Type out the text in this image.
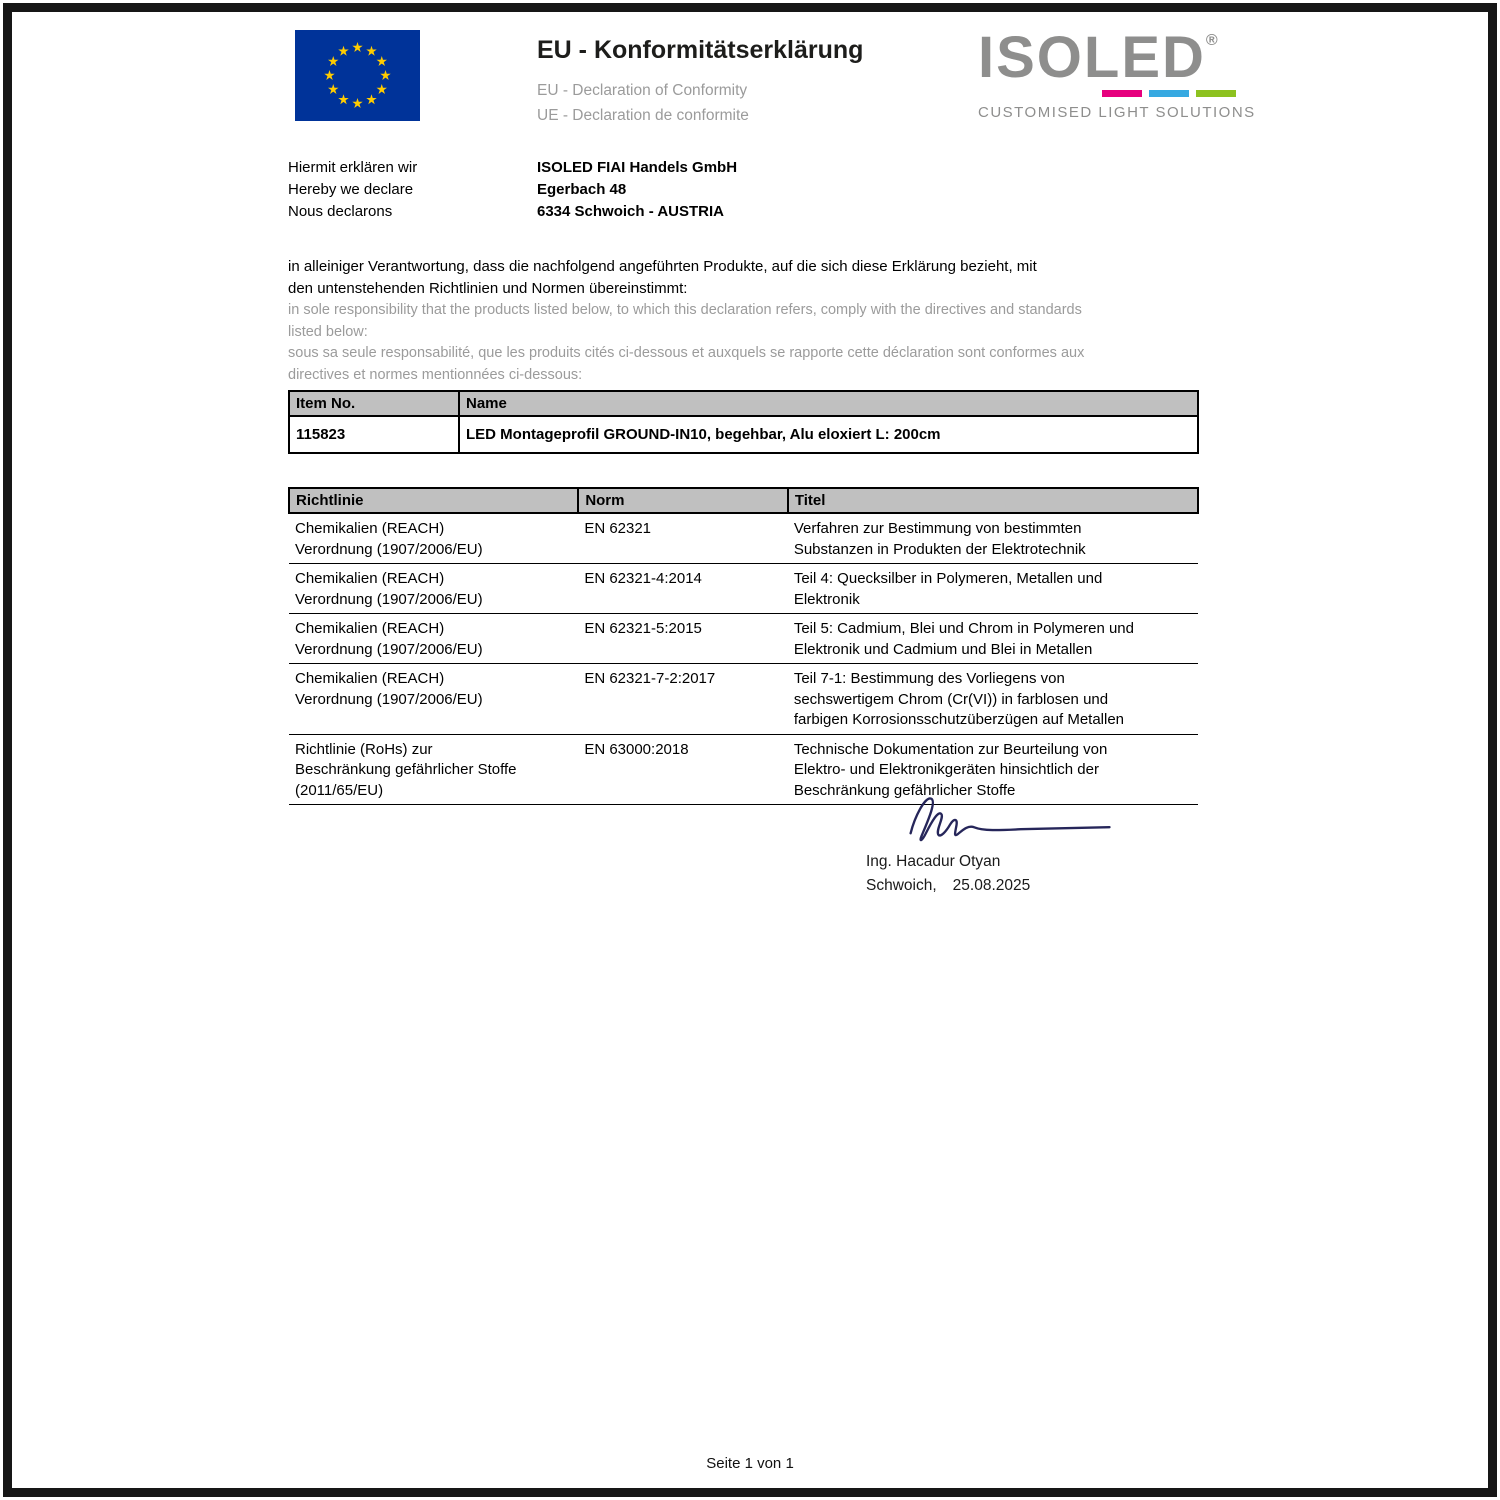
EU - Konformitätserklärung
EU - Declaration of Conformity
UE - Declaration de conformite
ISOLED®
CUSTOMISED LIGHT SOLUTIONS
Hiermit erklären wir
Hereby we declare
Nous declarons
ISOLED FIAI Handels GmbH
Egerbach 48
6334 Schwoich - AUSTRIA
in alleiniger Verantwortung, dass die nachfolgend angeführten Produkte, auf die sich diese Erklärung bezieht, mit
den untenstehenden Richtlinien und Normen übereinstimmt:
in sole responsibility that the products listed below, to which this declaration refers, comply with the directives and standards
listed below:
sous sa seule responsabilité, que les produits cités ci-dessous et auxquels se rapporte cette déclaration sont conformes aux
directives et normes mentionnées ci-dessous:
Item No.	Name
115823	LED Montageprofil GROUND-IN10, begehbar, Alu eloxiert L: 200cm
Richtlinie	Norm	Titel

Chemikalien (REACH)
Verordnung (1907/2006/EU)
	EN 62321	Verfahren zur Bestimmung von bestimmten
Substanzen in Produkten der Elektrotechnik

Chemikalien (REACH)
Verordnung (1907/2006/EU)
	EN 62321-4:2014	Teil 4: Quecksilber in Polymeren, Metallen und
Elektronik

Chemikalien (REACH)
Verordnung (1907/2006/EU)
	EN 62321-5:2015	Teil 5: Cadmium, Blei und Chrom in Polymeren und
Elektronik und Cadmium und Blei in Metallen

Chemikalien (REACH)
Verordnung (1907/2006/EU)
	EN 62321-7-2:2017	Teil 7-1: Bestimmung des Vorliegens von
sechswertigem Chrom (Cr(VI)) in farblosen und
farbigen Korrosionsschutzüberzügen auf Metallen

Richtlinie (RoHs) zur
Beschränkung gefährlicher Stoffe
(2011/65/EU)
	EN 63000:2018	Technische Dokumentation zur Beurteilung von
Elektro- und Elektronikgeräten hinsichtlich der
Beschränkung gefährlicher Stoffe
Ing. Hacadur Otyan
Schwoich, 25.08.2025
Seite 1 von 1
